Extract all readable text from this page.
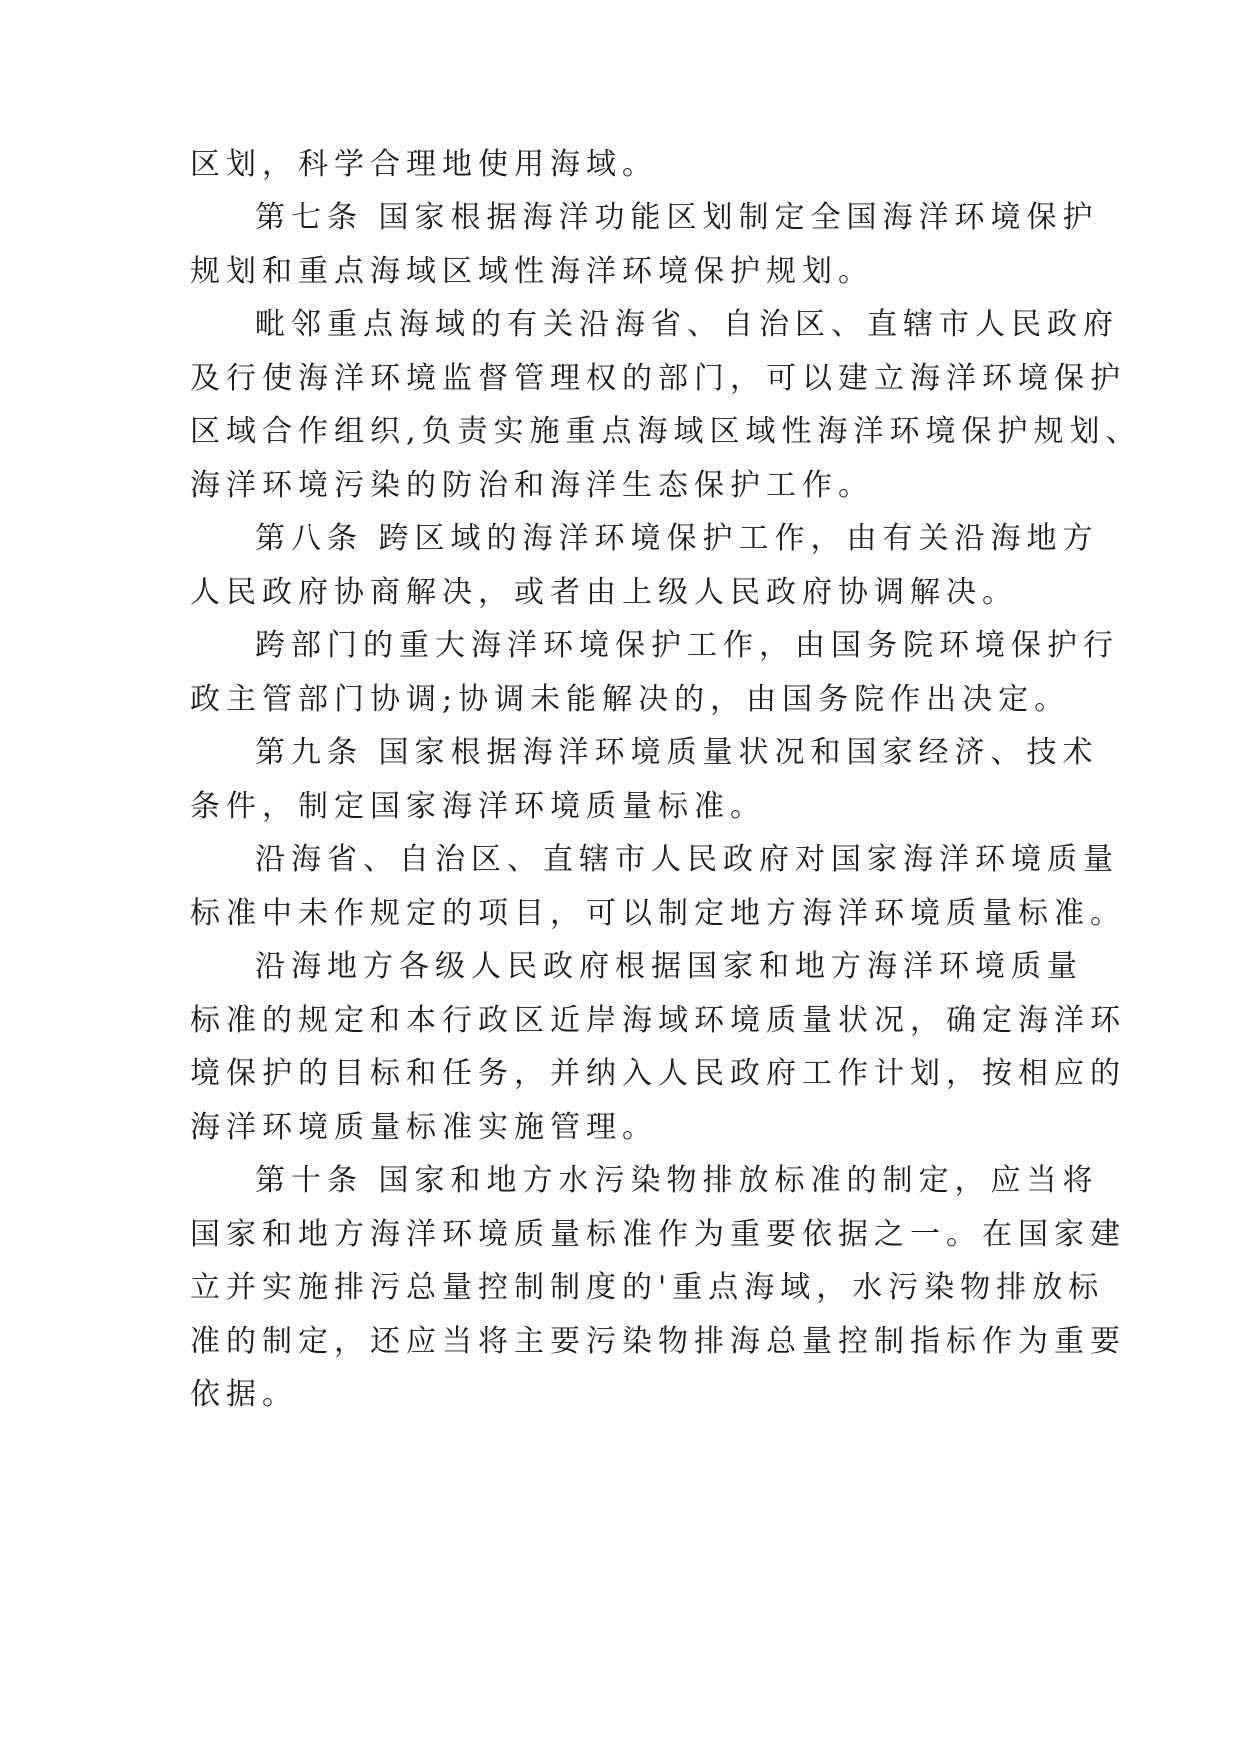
区划，科学合理地使用海域。
第七条 国家根据海洋功能区划制定全国海洋环境保护
规划和重点海域区域性海洋环境保护规划。
毗邻重点海域的有关沿海省、自治区、直辖市人民政府
及行使海洋环境监督管理权的部门，可以建立海洋环境保护
区域合作组织,负责实施重点海域区域性海洋环境保护规划、
海洋环境污染的防治和海洋生态保护工作。
第八条 跨区域的海洋环境保护工作，由有关沿海地方
人民政府协商解决，或者由上级人民政府协调解决。
跨部门的重大海洋环境保护工作，由国务院环境保护行
政主管部门协调;协调未能解决的，由国务院作出决定。
第九条 国家根据海洋环境质量状况和国家经济、技术
条件，制定国家海洋环境质量标准。
沿海省、自治区、直辖市人民政府对国家海洋环境质量
标准中未作规定的项目，可以制定地方海洋环境质量标准。
沿海地方各级人民政府根据国家和地方海洋环境质量
标准的规定和本行政区近岸海域环境质量状况，确定海洋环
境保护的目标和任务，并纳入人民政府工作计划，按相应的
海洋环境质量标准实施管理。
第十条 国家和地方水污染物排放标准的制定，应当将
国家和地方海洋环境质量标准作为重要依据之一。在国家建
立并实施排污总量控制制度的'重点海域，水污染物排放标
准的制定，还应当将主要污染物排海总量控制指标作为重要
依据。
